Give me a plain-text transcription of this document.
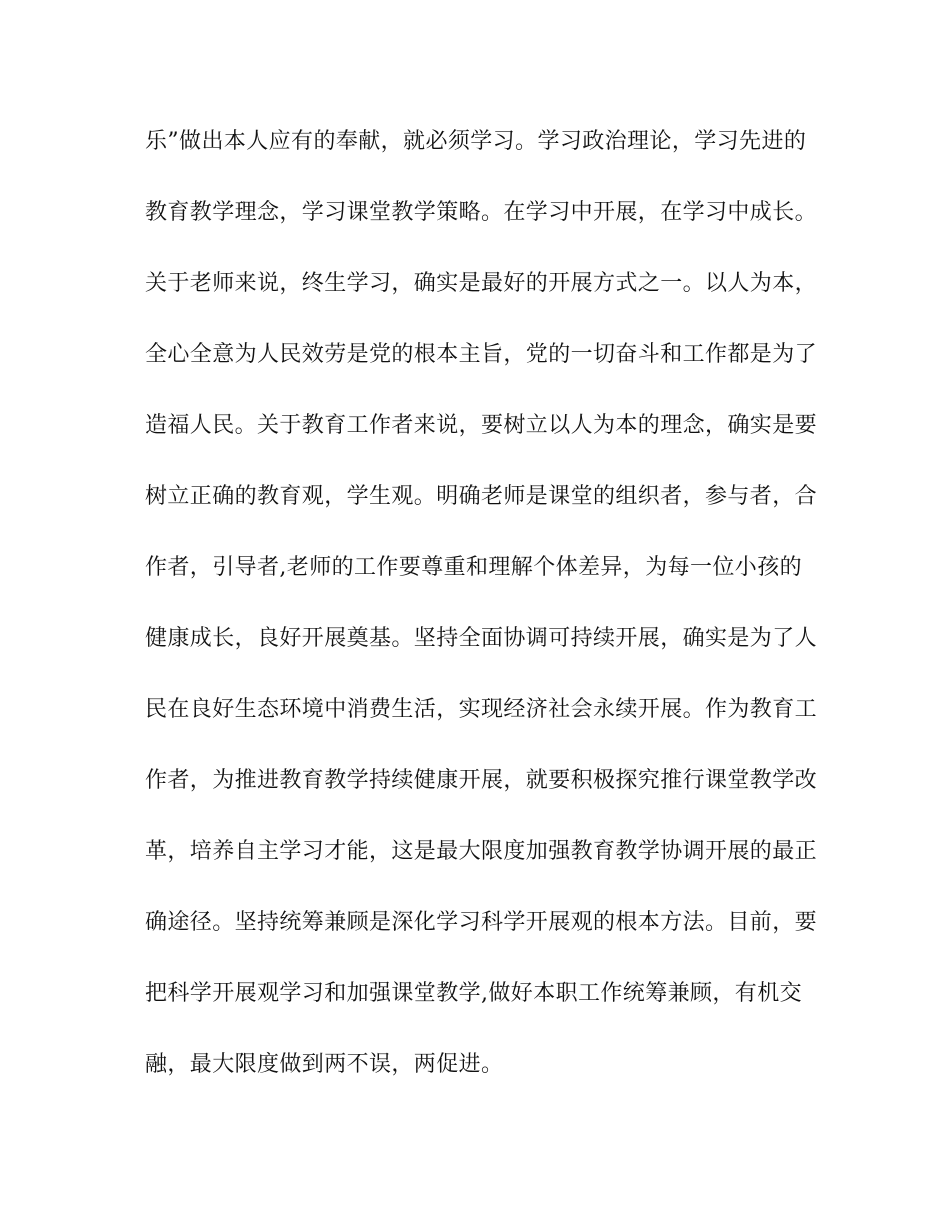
乐”做出本人应有的奉献，就必须学习。学习政治理论，学习先进的
教育教学理念，学习课堂教学策略。在学习中开展，在学习中成长。
关于老师来说，终生学习，确实是最好的开展方式之一。以人为本，
全心全意为人民效劳是党的根本主旨，党的一切奋斗和工作都是为了
造福人民。关于教育工作者来说，要树立以人为本的理念，确实是要
树立正确的教育观，学生观。明确老师是课堂的组织者，参与者，合
作者，引导者,老师的工作要尊重和理解个体差异，为每一位小孩的
健康成长，良好开展奠基。坚持全面协调可持续开展，确实是为了人
民在良好生态环境中消费生活，实现经济社会永续开展。作为教育工
作者，为推进教育教学持续健康开展，就要积极探究推行课堂教学改
革，培养自主学习才能，这是最大限度加强教育教学协调开展的最正
确途径。坚持统筹兼顾是深化学习科学开展观的根本方法。目前，要
把科学开展观学习和加强课堂教学,做好本职工作统筹兼顾，有机交
融，最大限度做到两不误，两促进。
